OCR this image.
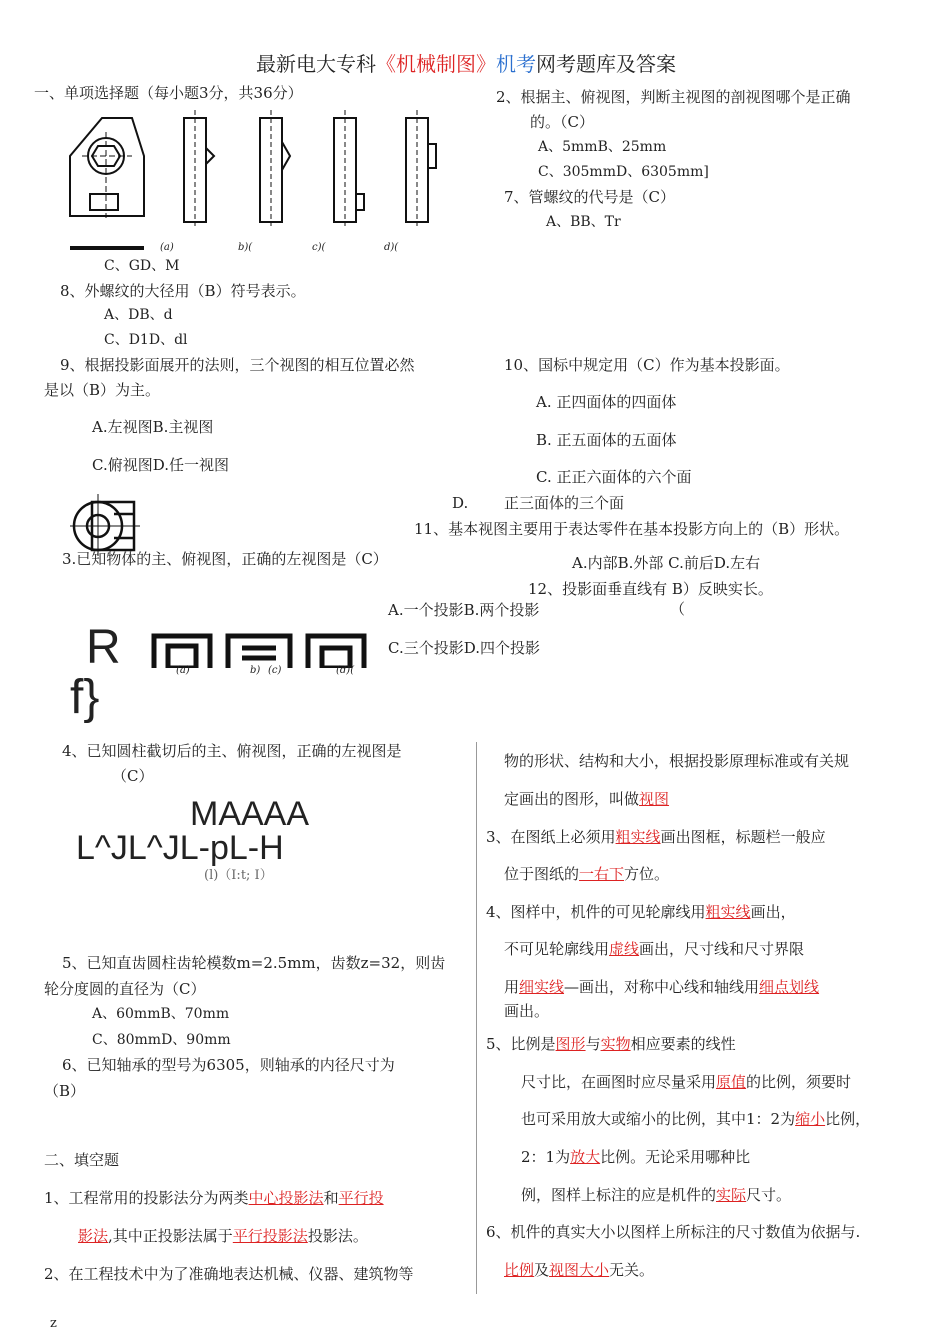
最新电大专科《机械制图》机考网考题库及答案
一、单项选择题（每小题3分，共36分）
(a)	b)(	c)(	d)(
2、根据主、俯视图，判断主视图的剖视图哪个是正确
的。（C）
A、5mmB、25mm
C、305mmD、6305mm]
7、管螺纹的代号是（C）
A、BB、Tr
C、GD、M
8、外螺纹的大径用（B）符号表示。
A、DB、d
C、D1D、dl
9、根据投影面展开的法则，三个视图的相互位置必然
是以（B）为主。
A.左视图B.主视图
C.俯视图D.任一视图
10、国标中规定用（C）作为基本投影面。
A. 正四面体的四面体
B. 正五面体的五面体
C. 正正六面体的六个面
D. 正三面体的三个面
11、基本视图主要用于表达零件在基本投影方向上的（B）形状。
A.内部B.外部 C.前后D.左右
3.已知物体的主、俯视图，正确的左视图是（C）
12、投影面垂直线有 B）反映实长。
（
A.一个投影B.两个投影
C.三个投影D.四个投影
R	(a)	b) (c)	(d)(
f}
4、已知圆柱截切后的主、俯视图，正确的左视图是
（C）
MAAAA
L^JL^JL-pL-H
(l)（I:t; I）
5、已知直齿圆柱齿轮模数m=2.5mm，齿数z=32，则齿
轮分度圆的直径为（C）
A、60mmB、70mm
C、80mmD、90mm
6、已知轴承的型号为6305，则轴承的内径尺寸为
（B）
二、填空题
1、工程常用的投影法分为两类中心投影法和平行投
影法,其中正投影法属于平行投影法投影法。
2、在工程技术中为了准确地表达机械、仪器、建筑物等
物的形状、结构和大小，根据投影原理标准或有关规
定画出的图形，叫做视图
3、在图纸上必须用粗实线画出图框，标题栏一般应
位于图纸的一右下方位。
4、图样中，机件的可见轮廓线用粗实线画出，
不可见轮廓线用虚线画出，尺寸线和尺寸界限
用细实线—画出，对称中心线和轴线用细点划线
画出。
5、比例是图形与实物相应要素的线性
尺寸比，在画图时应尽量采用原值的比例，须要时
也可采用放大或缩小的比例，其中1：2为缩小比例，
2：1为放大比例。无论采用哪种比
例，图样上标注的应是机件的实际尺寸。
6、机件的真实大小以图样上所标注的尺寸数值为依据与.
比例及视图大小无关。
z
